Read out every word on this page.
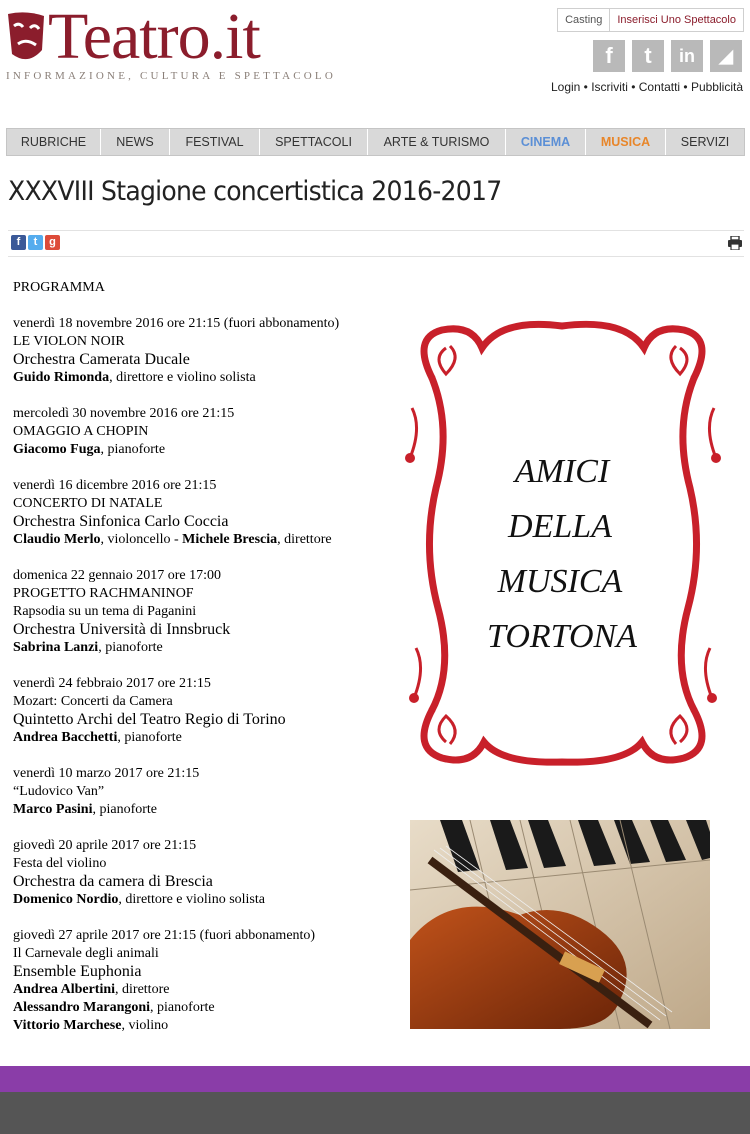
Teatro.it
INFORMAZIONE, CULTURA E SPETTACOLO
Casting	Inserisci Uno Spettacolo
f	t	in	◢
Login • Iscriviti • Contatti • Pubblicità
RUBRICHE	NEWS	FESTIVAL	SPETTACOLI	ARTE & TURISMO	CINEMA	MUSICA	SERVIZI
XXXVIII Stagione concertistica 2016-2017
f	t	g

PROGRAMMA

venerdì 18 novembre 2016 ore 21:15 (fuori abbonamento)

LE VIOLON NOIR

Orchestra Camerata Ducale

Guido Rimonda, direttore e violino solista

mercoledì 30 novembre 2016 ore 21:15

OMAGGIO A CHOPIN

Giacomo Fuga, pianoforte

venerdì 16 dicembre 2016 ore 21:15

CONCERTO DI NATALE

Orchestra Sinfonica Carlo Coccia

Claudio Merlo, violoncello - Michele Brescia, direttore

domenica 22 gennaio 2017 ore 17:00

PROGETTO RACHMANINOF

Rapsodia su un tema di Paganini

Orchestra Università di Innsbruck

Sabrina Lanzi, pianoforte

venerdì 24 febbraio 2017 ore 21:15

Mozart: Concerti da Camera

Quintetto Archi del Teatro Regio di Torino

Andrea Bacchetti, pianoforte

venerdì 10 marzo 2017 ore 21:15

“Ludovico Van”

Marco Pasini, pianoforte

giovedì 20 aprile 2017 ore 21:15

Festa del violino

Orchestra da camera di Brescia

Domenico Nordio, direttore e violino solista

giovedì 27 aprile 2017 ore 21:15 (fuori abbonamento)

Il Carnevale degli animali

Ensemble Euphonia

Andrea Albertini, direttore

Alessandro Marangoni, pianoforte

Vittorio Marchese, violino

AMICI
DELLA
MUSICA
TORTONA
